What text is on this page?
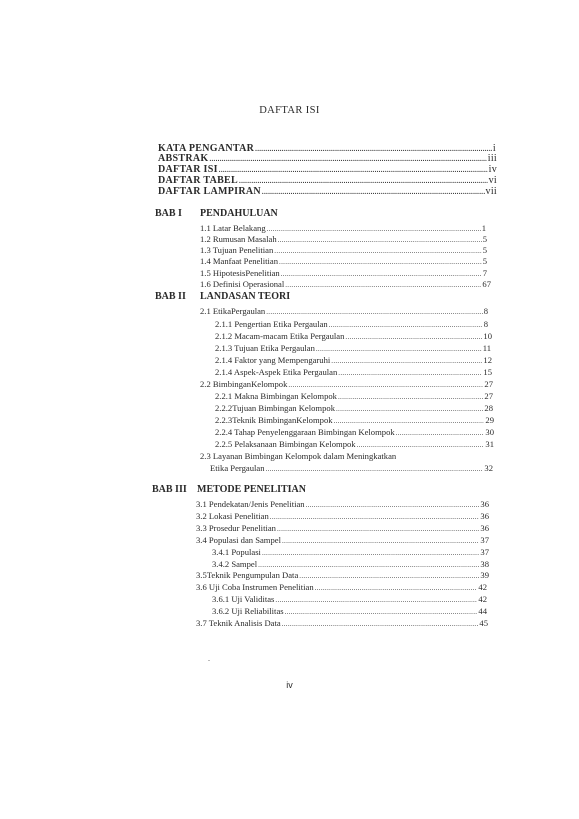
DAFTAR ISI
KATA PENGANTAR .....	i
ABSTRAK .....	iii
DAFTAR ISI .....	iv
DAFTAR TABEL .....	vi
DAFTAR LAMPIRAN .....	vii
BAB I PENDAHULUAN
1.1 Latar Belakang .....	1
1.2 Rumusan Masalah .....	5
1.3 Tujuan Penelitian .....	5
1.4 Manfaat Penelitian .....	5
1.5 HipotesisPenelitian .....	7
1.6 Definisi Operasional .....	67
BAB II LANDASAN TEORI
2.1 EtikaPergaulan .....	8
2.1.1 Pengertian Etika Pergaulan .....	8
2.1.2 Macam-macam Etika Pergaulan .....	10
2.1.3 Tujuan Etika Pergaulan .....	11
2.1.4 Faktor yang Mempengaruhi .....	12
2.1.4 Aspek-Aspek Etika Pergaulan .....	15
2.2 BimbinganKelompok .....	27
2.2.1 Makna Bimbingan Kelompok .....	27
2.2.2Tujuan Bimbingan Kelompok .....	28
2.2.3Teknik BimbinganKelompok .....	29
2.2.4 Tahap Penyelenggaraan Bimbingan Kelompok .....	30
2.2.5 Pelaksanaan Bimbingan Kelompok .....	31
2.3 Layanan Bimbingan Kelompok dalam Meningkatkan
Etika Pergaulan .....	32
BAB III METODE PENELITIAN
3.1 Pendekatan/Jenis Penelitian .....	36
3.2 Lokasi Penelitian .....	36
3.3 Prosedur Penelitian .....	36
3.4 Populasi dan Sampel .....	37
3.4.1 Populasi .....	37
3.4.2 Sampel .....	38
3.5Teknik Pengumpulan Data .....	39
3.6 Uji Coba Instrumen Penelitian .....	42
3.6.1 Uji Validitas .....	42
3.6.2 Uji Reliabilitas .....	44
3.7 Teknik Analisis Data .....	45
iv
